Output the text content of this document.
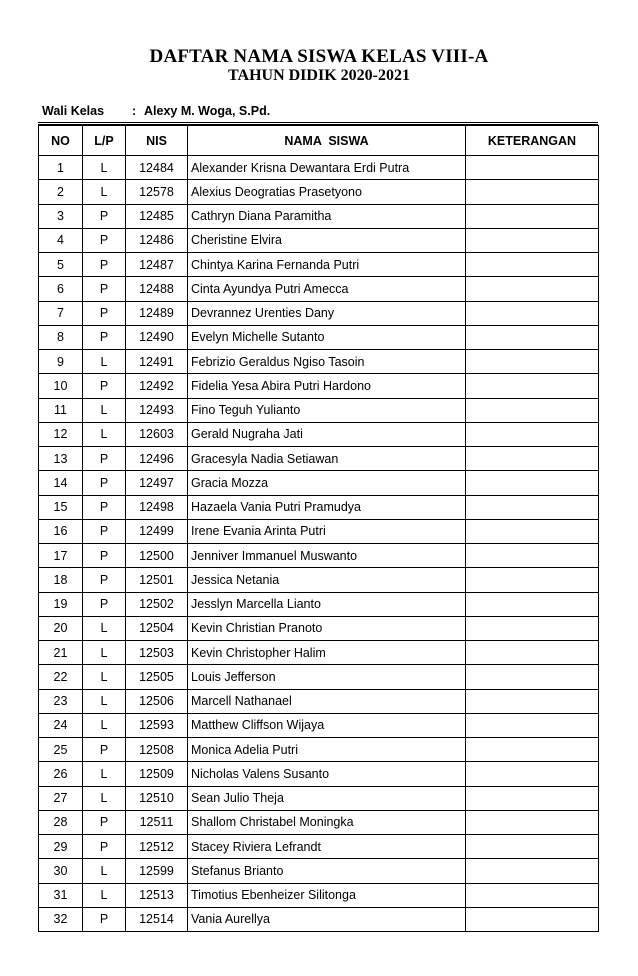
DAFTAR NAMA SISWA KELAS VIII-A
TAHUN DIDIK 2020-2021
Wali Kelas : Alexy M. Woga, S.Pd.
NO	L/P	NIS	NAMA  SISWA	KETERANGAN
1	L	12484	Alexander Krisna Dewantara Erdi Putra	
2	L	12578	Alexius Deogratias Prasetyono	
3	P	12485	Cathryn Diana Paramitha	
4	P	12486	Cheristine Elvira	
5	P	12487	Chintya Karina Fernanda Putri	
6	P	12488	Cinta Ayundya Putri Amecca	
7	P	12489	Devrannez Urenties Dany	
8	P	12490	Evelyn Michelle Sutanto	
9	L	12491	Febrizio Geraldus Ngiso Tasoin	
10	P	12492	Fidelia Yesa Abira Putri Hardono	
11	L	12493	Fino Teguh Yulianto	
12	L	12603	Gerald Nugraha Jati	
13	P	12496	Gracesyla Nadia Setiawan	
14	P	12497	Gracia Mozza	
15	P	12498	Hazaela Vania Putri Pramudya	
16	P	12499	Irene Evania Arinta Putri	
17	P	12500	Jenniver Immanuel Muswanto	
18	P	12501	Jessica Netania	
19	P	12502	Jesslyn Marcella Lianto	
20	L	12504	Kevin Christian Pranoto	
21	L	12503	Kevin Christopher Halim	
22	L	12505	Louis Jefferson	
23	L	12506	Marcell Nathanael	
24	L	12593	Matthew Cliffson Wijaya	
25	P	12508	Monica Adelia Putri	
26	L	12509	Nicholas Valens Susanto	
27	L	12510	Sean Julio Theja	
28	P	12511	Shallom Christabel Moningka	
29	P	12512	Stacey Riviera Lefrandt	
30	L	12599	Stefanus Brianto	
31	L	12513	Timotius Ebenheizer Silitonga	
32	P	12514	Vania Aurellya	
